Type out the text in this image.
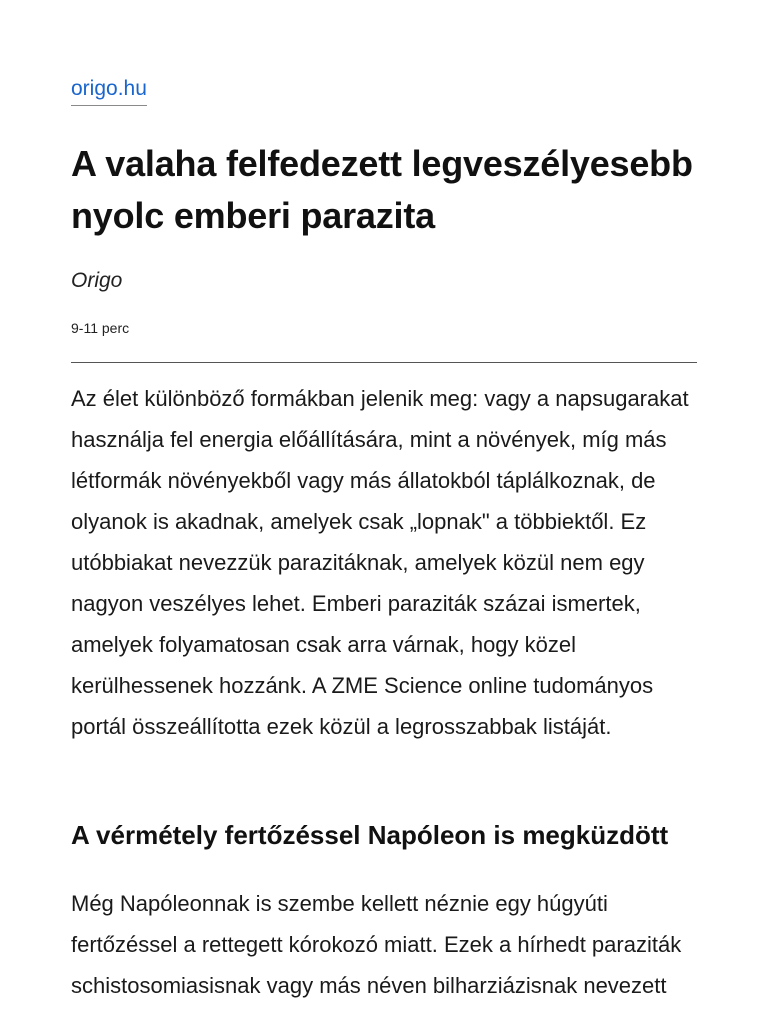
origo.hu
A valaha felfedezett legveszélyesebb nyolc emberi parazita
Origo
9-11 perc

Az élet különböző formákban jelenik meg: vagy a napsugarakat használja fel energia előállítására, mint a növények, míg más létformák növényekből vagy más állatokból táplálkoznak, de olyanok is akadnak, amelyek csak „lopnak" a többiektől. Ez utóbbiakat nevezzük parazitáknak, amelyek közül nem egy nagyon veszélyes lehet. Emberi paraziták százai ismertek, amelyek folyamatosan csak arra várnak, hogy közel kerülhessenek hozzánk. A ZME Science online tudományos portál összeállította ezek közül a legrosszabbak listáját.

A vérmétely fertőzéssel Napóleon is megküzdött

Még Napóleonnak is szembe kellett néznie egy húgyúti fertőzéssel a rettegett kórokozó miatt. Ezek a hírhedt paraziták schistosomiasisnak vagy más néven bilharziázisnak nevezett
